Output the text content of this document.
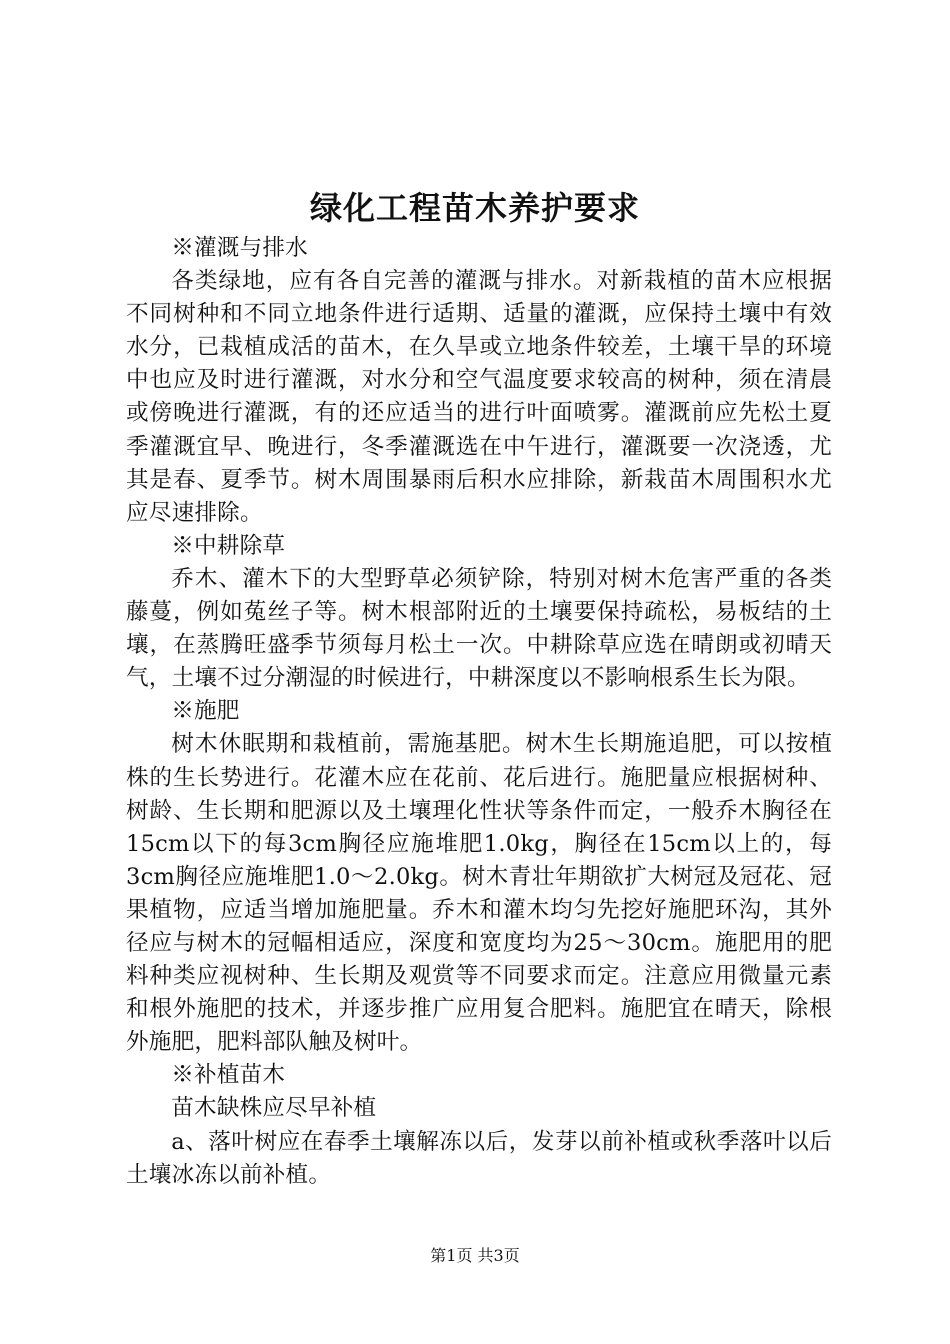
绿化工程苗木养护要求

※灌溉与排水

各类绿地，应有各自完善的灌溉与排水。对新栽植的苗木应根据不同树种和不同立地条件进行适期、适量的灌溉，应保持土壤中有效水分，已栽植成活的苗木，在久旱或立地条件较差，土壤干旱的环境中也应及时进行灌溉，对水分和空气温度要求较高的树种，须在清晨或傍晚进行灌溉，有的还应适当的进行叶面喷雾。灌溉前应先松土夏季灌溉宜早、晚进行，冬季灌溉选在中午进行，灌溉要一次浇透，尤其是春、夏季节。树木周围暴雨后积水应排除，新栽苗木周围积水尤应尽速排除。

※中耕除草

乔木、灌木下的大型野草必须铲除，特别对树木危害严重的各类藤蔓，例如菟丝子等。树木根部附近的土壤要保持疏松，易板结的土壤，在蒸腾旺盛季节须每月松土一次。中耕除草应选在晴朗或初晴天气，土壤不过分潮湿的时候进行，中耕深度以不影响根系生长为限。

※施肥

树木休眠期和栽植前，需施基肥。树木生长期施追肥，可以按植株的生长势进行。花灌木应在花前、花后进行。施肥量应根据树种、树龄、生长期和肥源以及土壤理化性状等条件而定，一般乔木胸径在15cm以下的每3cm胸径应施堆肥1.0kg，胸径在15cm以上的，每3cm胸径应施堆肥1.0～2.0kg。树木青壮年期欲扩大树冠及冠花、冠果植物，应适当增加施肥量。乔木和灌木均匀先挖好施肥环沟，其外径应与树木的冠幅相适应，深度和宽度均为25～30cm。施肥用的肥料种类应视树种、生长期及观赏等不同要求而定。注意应用微量元素和根外施肥的技术，并逐步推广应用复合肥料。施肥宜在晴天，除根外施肥，肥料部队触及树叶。

※补植苗木

苗木缺株应尽早补植

a、落叶树应在春季土壤解冻以后，发芽以前补植或秋季落叶以后土壤冰冻以前补植。

第1页 共3页
